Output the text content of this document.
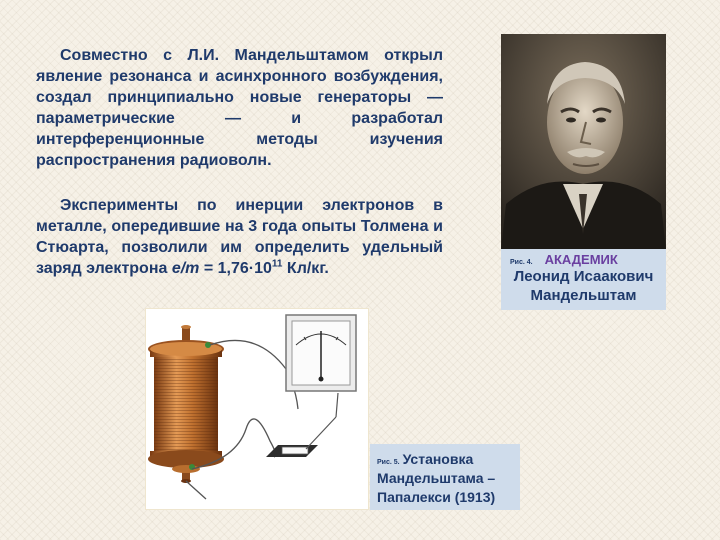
Совместно с Л.И. Мандельштамом открыл явление резонанса и асинхронного возбуждения, создал принципиально новые генераторы — параметрические — и разработал интерференционные методы изучения распространения радиоволн.

Эксперименты по инерции электронов в металле, опередившие на 3 года опыты Толмена и Стюарта, позволили им определить удельный заряд электрона $e/m = 1,76\cdot 10^{11}$ Кл/кг.	Рис. 4. АКАДЕМИК
Леонид Исаакович Мандельштам
Рис. 5. Установка Мандельштама – Папалекси (1913)
